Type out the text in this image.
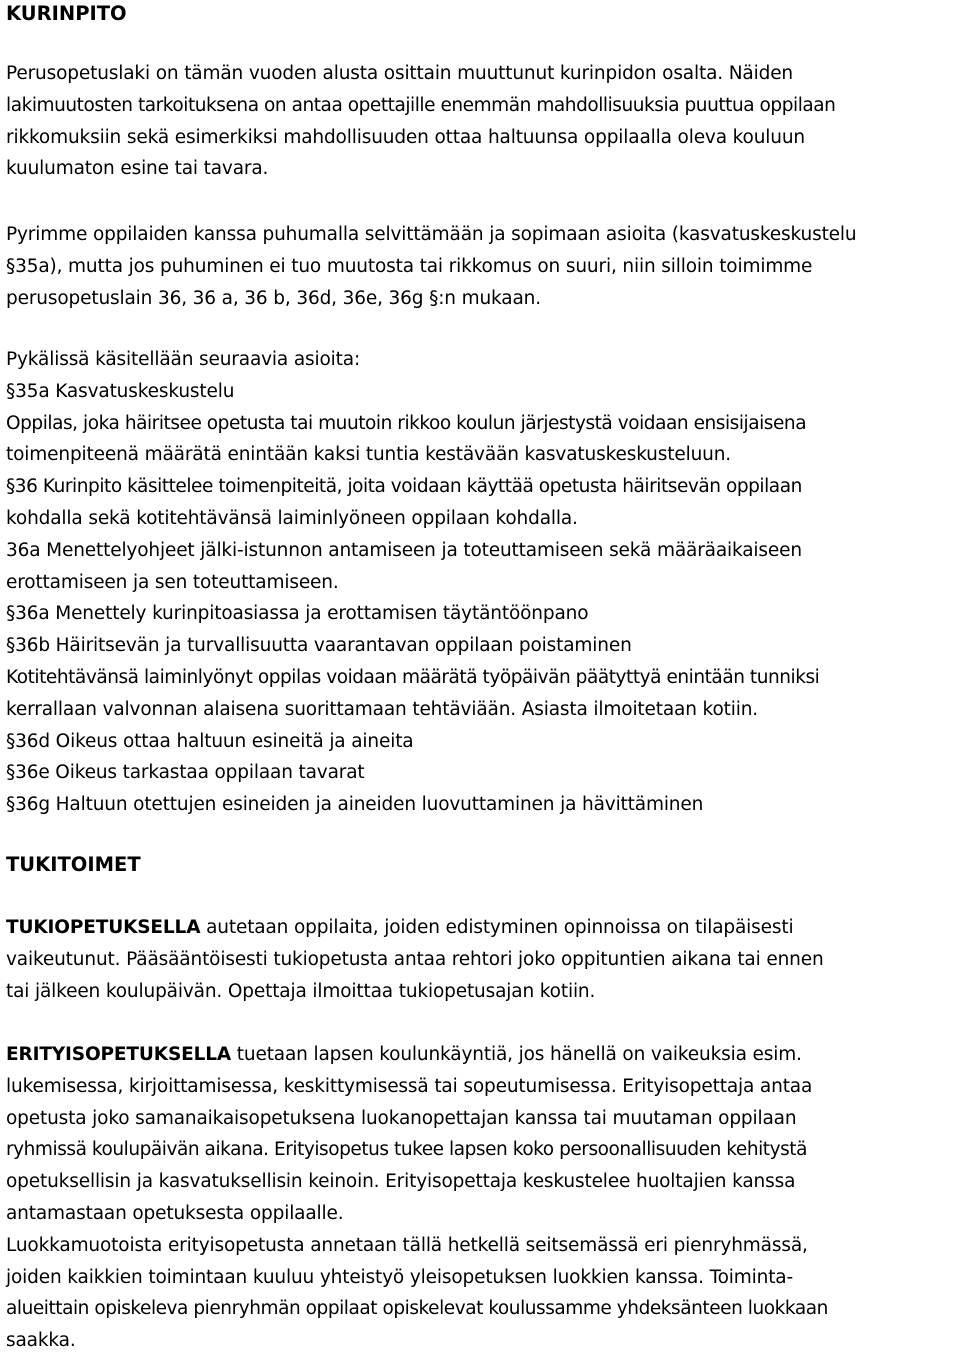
KURINPITO
Perusopetuslaki on tämän vuoden alusta osittain muuttunut kurinpidon osalta. Näiden
lakimuutosten tarkoituksena on antaa opettajille enemmän mahdollisuuksia puuttua oppilaan
rikkomuksiin sekä esimerkiksi mahdollisuuden ottaa haltuunsa oppilaalla oleva kouluun
kuulumaton esine tai tavara.
Pyrimme oppilaiden kanssa puhumalla selvittämään ja sopimaan asioita (kasvatuskeskustelu
§35a), mutta jos puhuminen ei tuo muutosta tai rikkomus on suuri, niin silloin toimimme
perusopetuslain 36, 36 a, 36 b, 36d, 36e, 36g §:n mukaan.
Pykälissä käsitellään seuraavia asioita:
§35a Kasvatuskeskustelu
Oppilas, joka häiritsee opetusta tai muutoin rikkoo koulun järjestystä voidaan ensisijaisena
toimenpiteenä määrätä enintään kaksi tuntia kestävään kasvatuskeskusteluun.
§36 Kurinpito käsittelee toimenpiteitä, joita voidaan käyttää opetusta häiritsevän oppilaan
kohdalla sekä kotitehtävänsä laiminlyöneen oppilaan kohdalla.
36a Menettelyohjeet jälki-istunnon antamiseen ja toteuttamiseen sekä määräaikaiseen
erottamiseen ja sen toteuttamiseen.
§36a Menettely kurinpitoasiassa ja erottamisen täytäntöönpano
§36b Häiritsevän ja turvallisuutta vaarantavan oppilaan poistaminen
Kotitehtävänsä laiminlyönyt oppilas voidaan määrätä työpäivän päätyttyä enintään tunniksi
kerrallaan valvonnan alaisena suorittamaan tehtäviään. Asiasta ilmoitetaan kotiin.
§36d Oikeus ottaa haltuun esineitä ja aineita
§36e Oikeus tarkastaa oppilaan tavarat
§36g Haltuun otettujen esineiden ja aineiden luovuttaminen ja hävittäminen
TUKITOIMET
TUKIOPETUKSELLA autetaan oppilaita, joiden edistyminen opinnoissa on tilapäisesti
vaikeutunut. Pääsääntöisesti tukiopetusta antaa rehtori joko oppituntien aikana tai ennen
tai jälkeen koulupäivän. Opettaja ilmoittaa tukiopetusajan kotiin.
ERITYISOPETUKSELLA tuetaan lapsen koulunkäyntiä, jos hänellä on vaikeuksia esim.
lukemisessa, kirjoittamisessa, keskittymisessä tai sopeutumisessa. Erityisopettaja antaa
opetusta joko samanaikaisopetuksena luokanopettajan kanssa tai muutaman oppilaan
ryhmissä koulupäivän aikana. Erityisopetus tukee lapsen koko persoonallisuuden kehitystä
opetuksellisin ja kasvatuksellisin keinoin. Erityisopettaja keskustelee huoltajien kanssa
antamastaan opetuksesta oppilaalle.
Luokkamuotoista erityisopetusta annetaan tällä hetkellä seitsemässä eri pienryhmässä,
joiden kaikkien toimintaan kuuluu yhteistyö yleisopetuksen luokkien kanssa. Toiminta-
alueittain opiskeleva pienryhmän oppilaat opiskelevat koulussamme yhdeksänteen luokkaan
saakka.
